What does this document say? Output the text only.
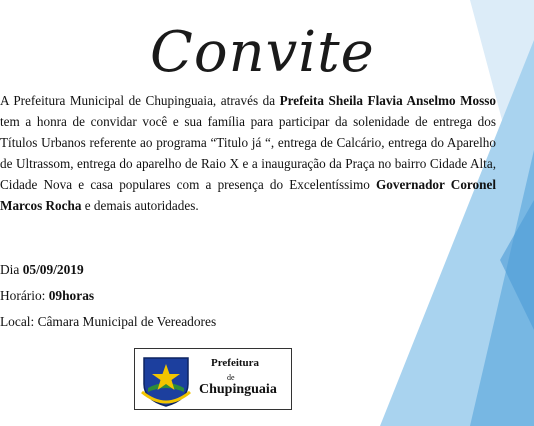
Convite
A Prefeitura Municipal de Chupinguaia, através da Prefeita Sheila Flavia Anselmo Mosso tem a honra de convidar você e sua família para participar da solenidade de entrega dos Títulos Urbanos referente ao programa “Titulo já “, entrega de Calcário, entrega do Aparelho de Ultrassom, entrega do aparelho de Raio X e a inauguração da Praça no bairro Cidade Alta, Cidade Nova e casa populares com a presença do Excelentíssimo Governador Coronel Marcos Rocha e demais autoridades.
Dia 05/09/2019
Horário: 09horas
Local: Câmara Municipal de Vereadores
Prefeitura
de
Chupinguaia
